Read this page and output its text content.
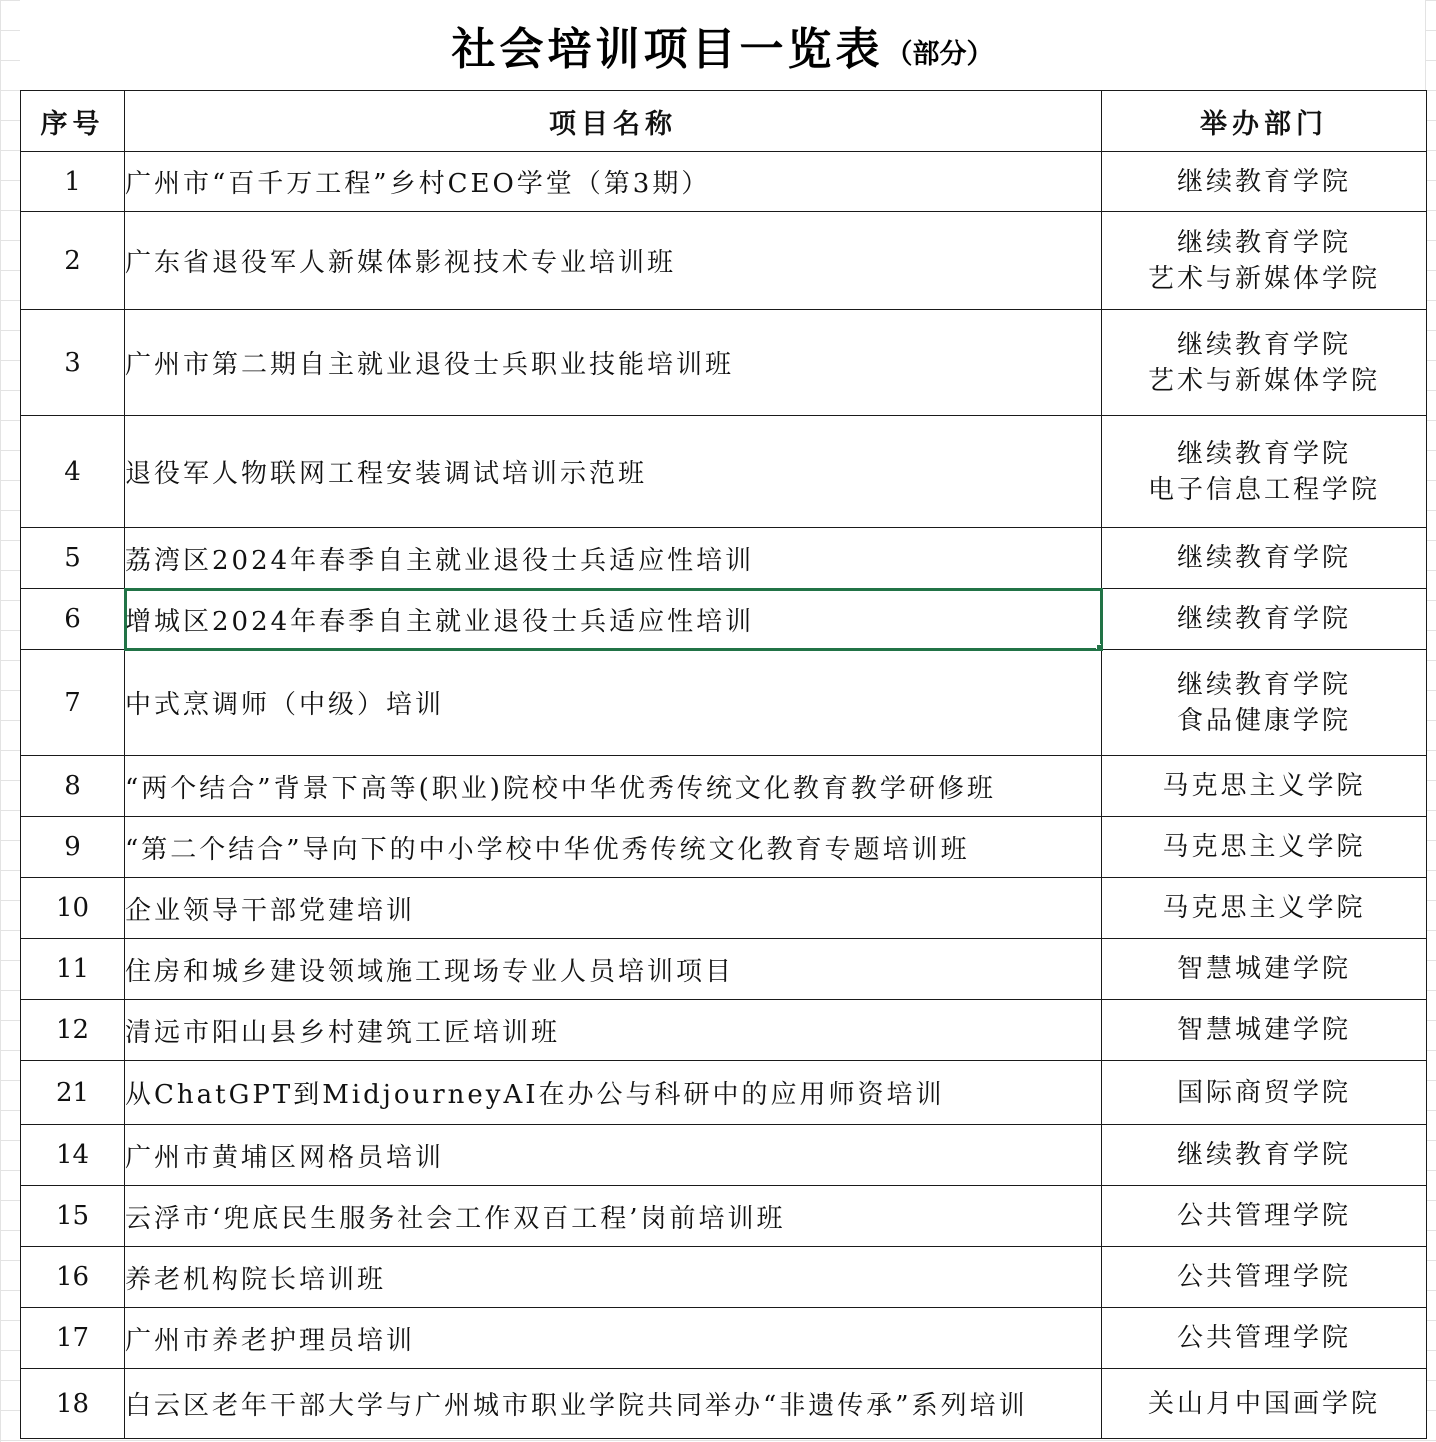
社会培训项目一览表 （部分）
序号	项目名称	举办部门
1	广州市“百千万工程”乡村CEO学堂（第3期）	继续教育学院

2	广东省退役军人新媒体影视技术专业培训班	继续教育学院
艺术与新媒体学院

3	广州市第二期自主就业退役士兵职业技能培训班	继续教育学院
艺术与新媒体学院

4	退役军人物联网工程安装调试培训示范班	继续教育学院
电子信息工程学院

5	荔湾区2024年春季自主就业退役士兵适应性培训	继续教育学院

6	增城区2024年春季自主就业退役士兵适应性培训	继续教育学院

7	中式烹调师（中级）培训	继续教育学院
食品健康学院

8	“两个结合”背景下高等(职业)院校中华优秀传统文化教育教学研修班	马克思主义学院

9	“第二个结合”导向下的中小学校中华优秀传统文化教育专题培训班	马克思主义学院

10	企业领导干部党建培训	马克思主义学院

11	住房和城乡建设领域施工现场专业人员培训项目	智慧城建学院

12	清远市阳山县乡村建筑工匠培训班	智慧城建学院

21	从ChatGPT到MidjourneyAI在办公与科研中的应用师资培训	国际商贸学院

14	广州市黄埔区网格员培训	继续教育学院

15	云浮市‘兜底民生服务社会工作双百工程’岗前培训班	公共管理学院

16	养老机构院长培训班	公共管理学院

17	广州市养老护理员培训	公共管理学院

18	白云区老年干部大学与广州城市职业学院共同举办“非遗传承”系列培训	关山月中国画学院
